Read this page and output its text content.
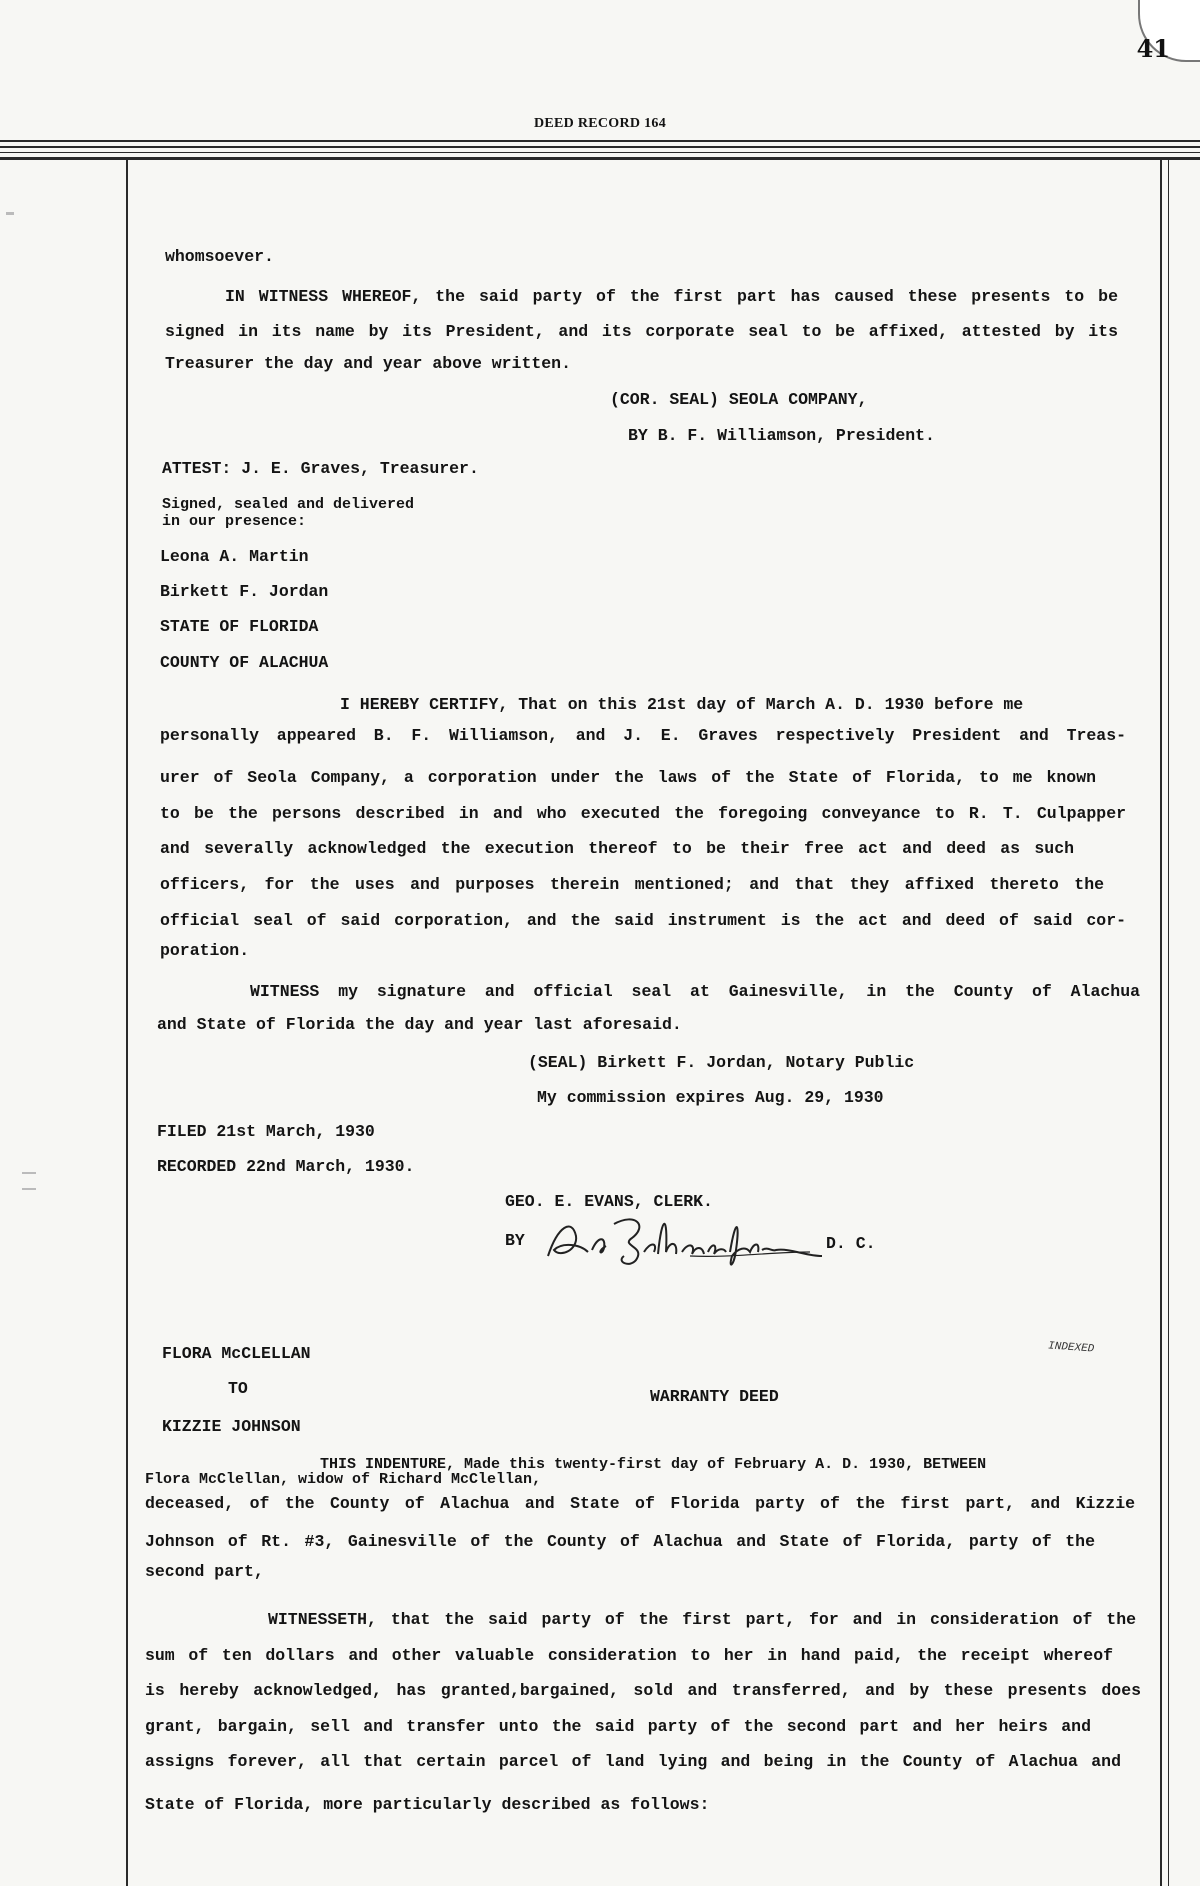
41
DEED RECORD 164
whomsoever.
IN WITNESS WHEREOF, the said party of the first part has caused these presents to be
signed in its name by its President, and its corporate seal to be affixed, attested by its
Treasurer the day and year above written.
(COR. SEAL) SEOLA COMPANY,
BY B. F. Williamson, President.
ATTEST: J. E. Graves, Treasurer.
Signed, sealed and delivered
in our presence:
Leona A. Martin
Birkett F. Jordan
STATE OF FLORIDA
COUNTY OF ALACHUA
I HEREBY CERTIFY, That on this 21st day of March A. D. 1930 before me
personally appeared B. F. Williamson, and J. E. Graves respectively President and Treas-
urer of Seola Company, a corporation under the laws of the State of Florida, to me known
to be the persons described in and who executed the foregoing conveyance to R. T. Culpapper
and severally acknowledged the execution thereof to be their free act and deed as such
officers, for the uses and purposes therein mentioned; and that they affixed thereto the
official seal of said corporation, and the said instrument is the act and deed of said cor-
poration.
WITNESS my signature and official seal at Gainesville, in the County of Alachua
and State of Florida the day and year last aforesaid.
(SEAL) Birkett F. Jordan, Notary Public
My commission expires Aug. 29, 1930
FILED 21st March, 1930
RECORDED 22nd March, 1930.
GEO. E. EVANS, CLERK.
BY	D. C.
FLORA McCLELLAN
TO	WARRANTY DEED
KIZZIE JOHNSON
THIS INDENTURE, Made this twenty-first day of February A. D. 1930, BETWEEN
Flora McClellan, widow of Richard McClellan,
deceased, of the County of Alachua and State of Florida party of the first part, and Kizzie
Johnson of Rt. #3, Gainesville of the County of Alachua and State of Florida, party of the
second part,
WITNESSETH, that the said party of the first part, for and in consideration of the
sum of ten dollars and other valuable consideration to her in hand paid, the receipt whereof
is hereby acknowledged, has granted,bargained, sold and transferred, and by these presents does
grant, bargain, sell and transfer unto the said party of the second part and her heirs and
assigns forever, all that certain parcel of land lying and being in the County of Alachua and
State of Florida, more particularly described as follows:
INDEXED
